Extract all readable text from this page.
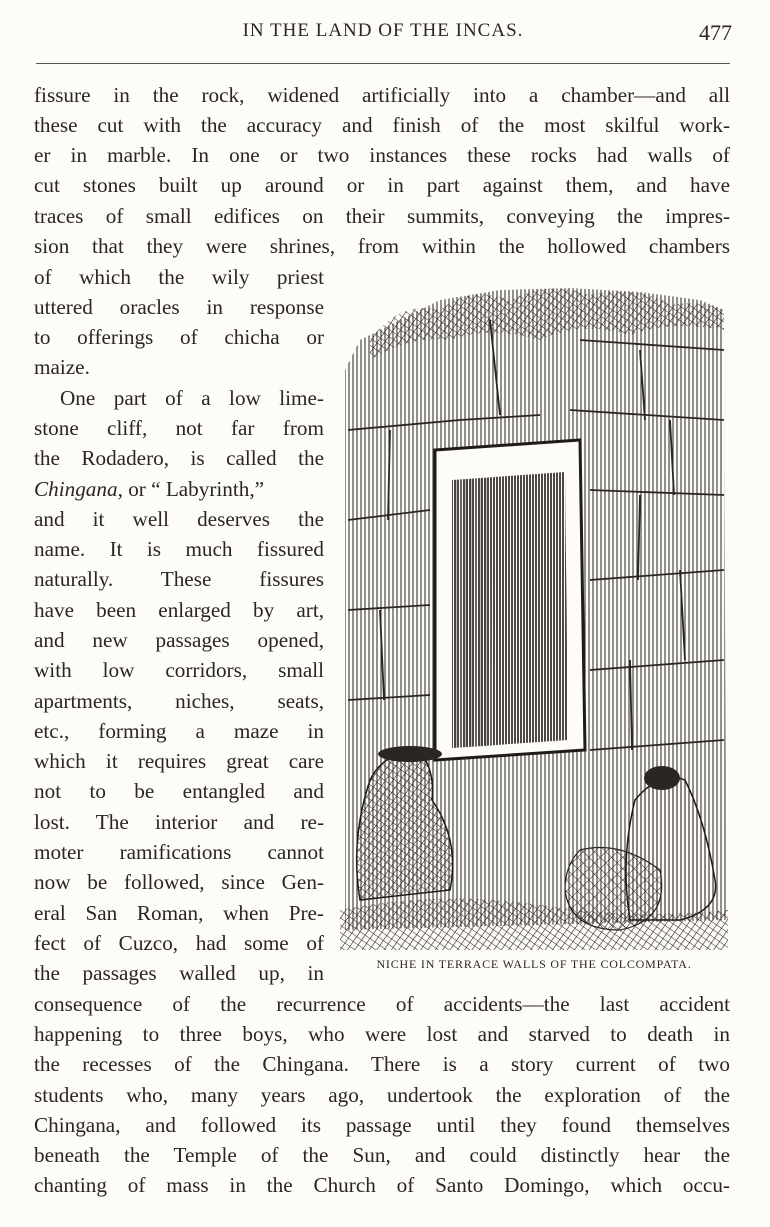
IN THE LAND OF THE INCAS.	477
fissure in the rock, widened artificially into a chamber—and all
these cut with the accuracy and finish of the most skilful work-
er in marble. In one or two instances these rocks had walls of
cut stones built up around or in part against them, and have
traces of small edifices on their summits, conveying the impres-
sion that they were shrines, from within the hollowed chambers
of which the wily priest
uttered oracles in response
to offerings of chicha or
maize.
One part of a low lime-
stone cliff, not far from
the Rodadero, is called the
Chingana, or “ Labyrinth,”
and it well deserves the
name. It is much fissured
naturally. These fissures
have been enlarged by art,
and new passages opened,
with low corridors, small
apartments, niches, seats,
etc., forming a maze in
which it requires great care
not to be entangled and
lost. The interior and re-
moter ramifications cannot
now be followed, since Gen-
eral San Roman, when Pre-
fect of Cuzco, had some of
the passages walled up, in
consequence of the recurrence of accidents—the last accident
happening to three boys, who were lost and starved to death in
the recesses of the Chingana. There is a story current of two
students who, many years ago, undertook the exploration of the
Chingana, and followed its passage until they found themselves
beneath the Temple of the Sun, and could distinctly hear the
chanting of mass in the Church of Santo Domingo, which occu-
NICHE IN TERRACE WALLS OF THE COLCOMPATA.
